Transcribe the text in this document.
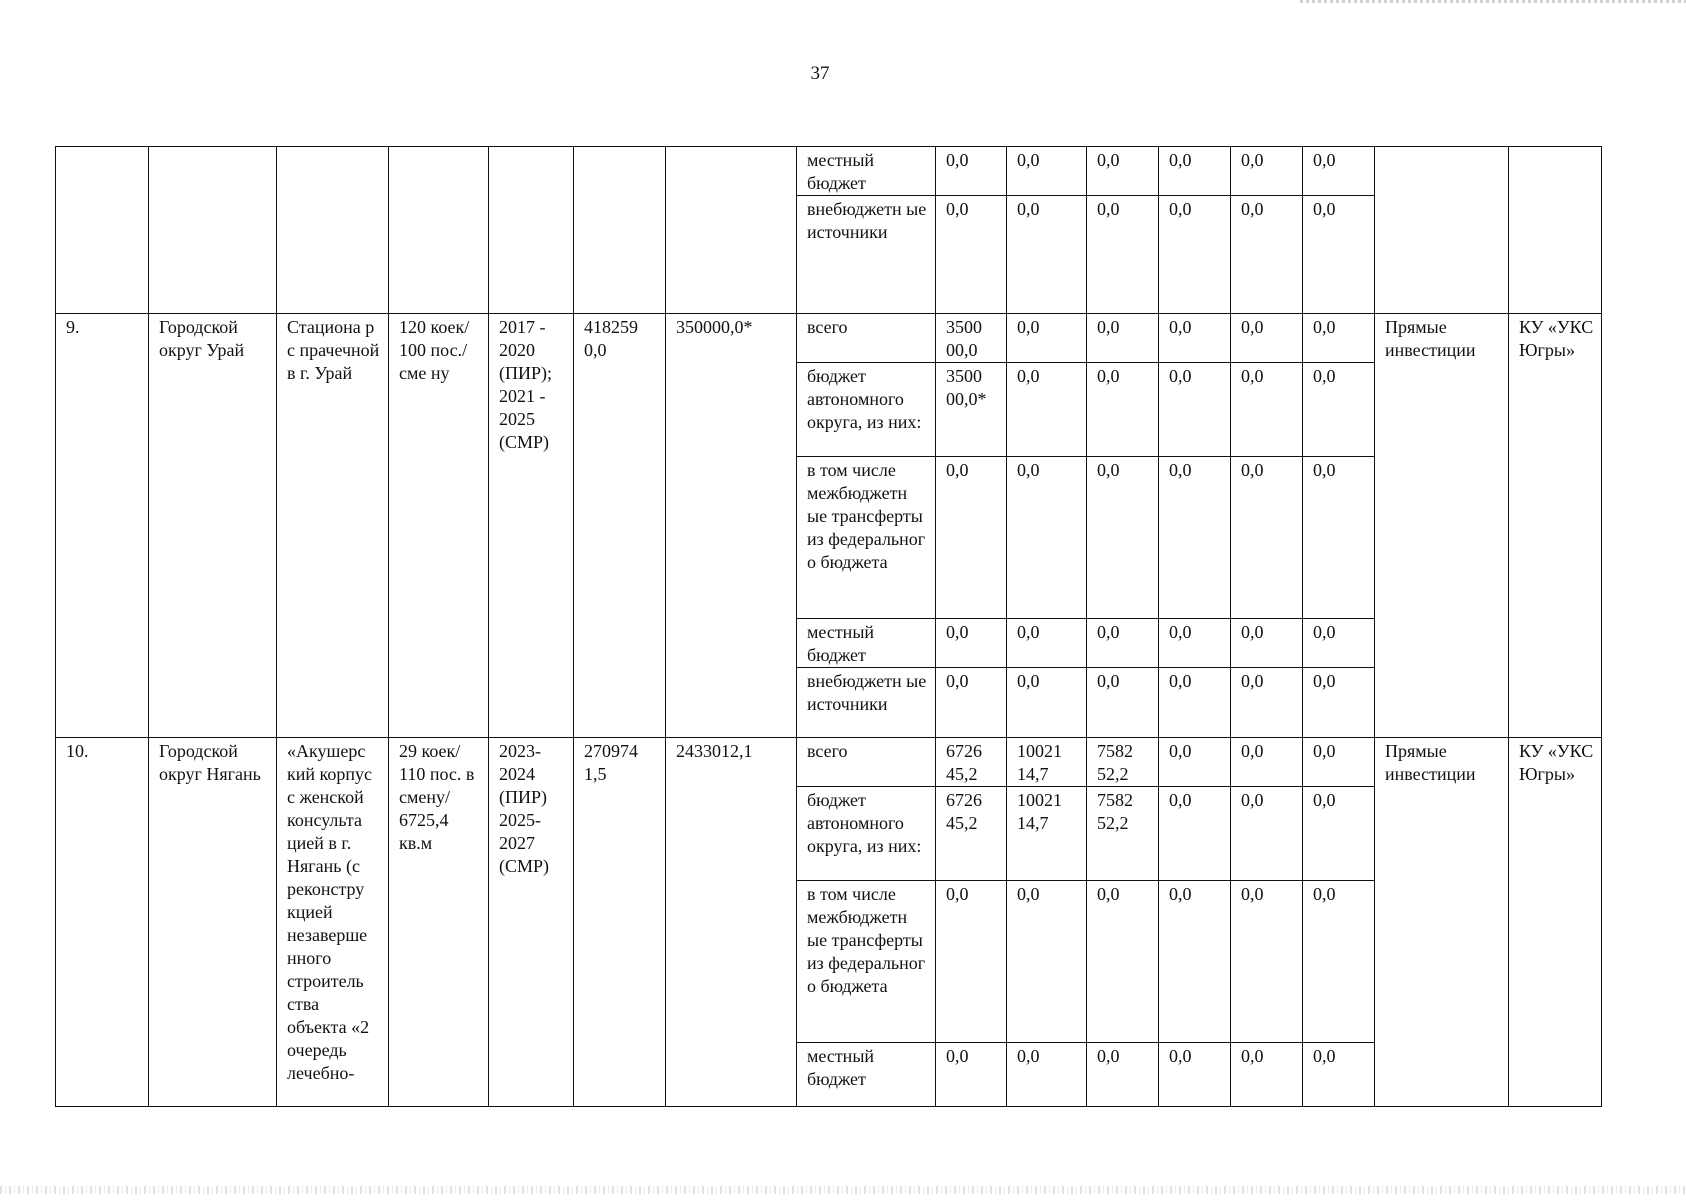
37
							местный бюджет	0,0	0,0	0,0	0,0	0,0	0,0		
							внебюджетн ые источники	0,0	0,0	0,0	0,0	0,0	0,0		
9.	Городской округ Урай	Стациона р с прачечной в г. Урай	120 коек/ 100 пос./сме ну	2017 - 2020 (ПИР); 2021 - 2025 (СМР)	418259 0,0	350000,0*	всего	3500 00,0	0,0	0,0	0,0	0,0	0,0	Прямые инвестиции	КУ «УКС Югры»
							бюджет автономного округа, из них:	3500 00,0*	0,0	0,0	0,0	0,0	0,0		
							в том числе межбюджетн ые трансферты из федеральног о бюджета	0,0	0,0	0,0	0,0	0,0	0,0		
							местный бюджет	0,0	0,0	0,0	0,0	0,0	0,0		
							внебюджетн ые источники	0,0	0,0	0,0	0,0	0,0	0,0		
10.	Городской округ Нягань	«Акушерс кий корпус с женской консульта цией в г. Нягань (с реконстру кцией незаверше нного строитель ства объекта «2 очередь лечебно-	29 коек/ 110 пос. в смену/ 6725,4 кв.м	2023- 2024 (ПИР) 2025- 2027 (СМР)	270974 1,5	2433012,1	всего	6726 45,2	10021 14,7	7582 52,2	0,0	0,0	0,0	Прямые инвестиции	КУ «УКС Югры»
							бюджет автономного округа, из них:	6726 45,2	10021 14,7	7582 52,2	0,0	0,0	0,0		
							в том числе межбюджетн ые трансферты из федеральног о бюджета	0,0	0,0	0,0	0,0	0,0	0,0		
							местный бюджет	0,0	0,0	0,0	0,0	0,0	0,0		
